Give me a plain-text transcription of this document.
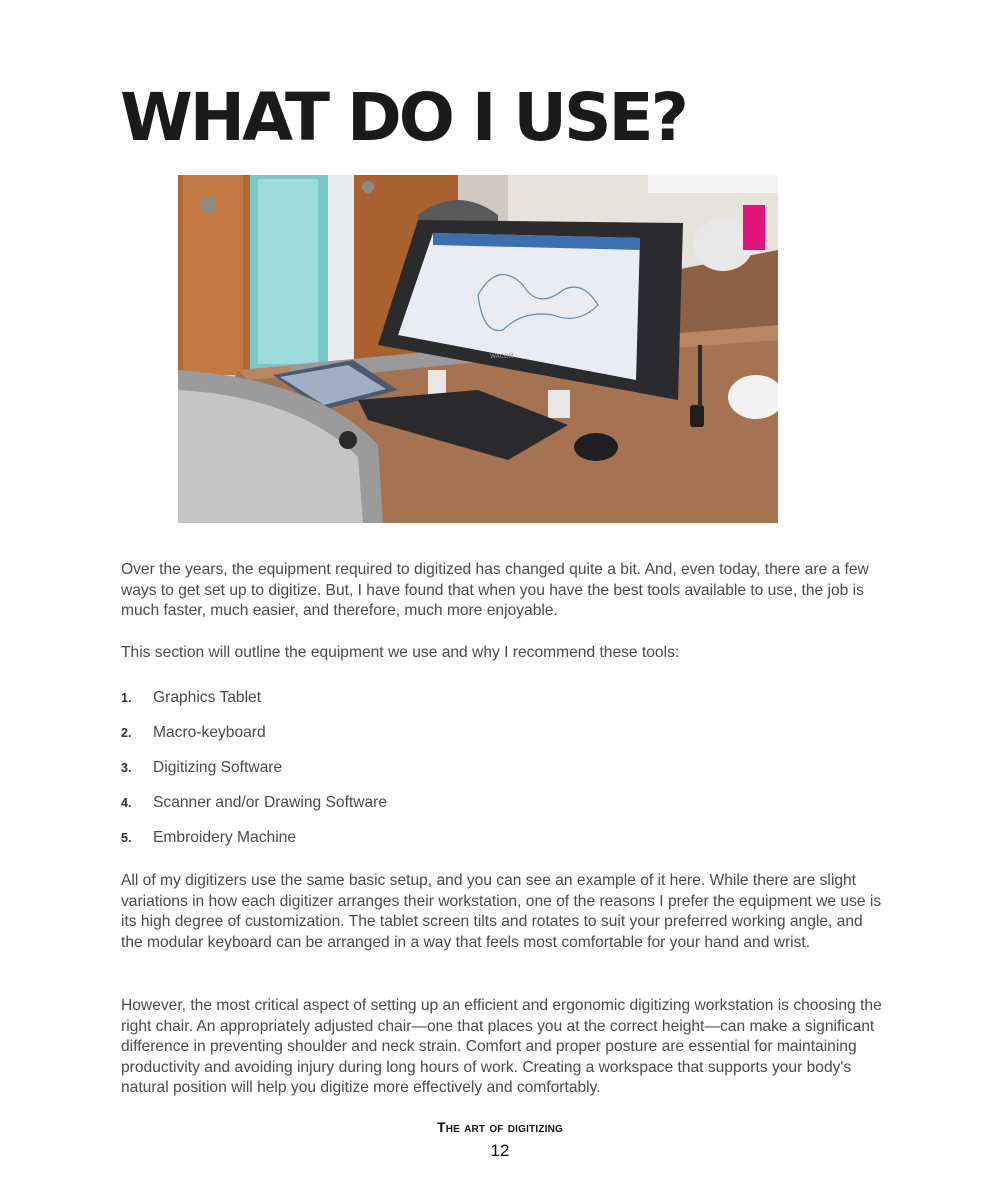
WHAT DO I USE?
WACOM

Over the years, the equipment required to digitized has changed quite a bit. And, even today, there are a few ways to get set up to digitize. But, I have found that when you have the best tools available to use, the job is much faster, much easier, and therefore, much more enjoyable.

This section will outline the equipment we use and why I recommend these tools:

1.	Graphics Tablet
2.	Macro-keyboard
3.	Digitizing Software
4.	Scanner and/or Drawing Software
5.	Embroidery Machine

All of my digitizers use the same basic setup, and you can see an example of it here. While there are slight variations in how each digitizer arranges their workstation, one of the reasons I prefer the equipment we use is its high degree of customization. The tablet screen tilts and rotates to suit your preferred working angle, and the modular keyboard can be arranged in a way that feels most comfortable for your hand and wrist.

However, the most critical aspect of setting up an efficient and ergonomic digitizing workstation is choosing the right chair. An appropriately adjusted chair—one that places you at the correct height—can make a significant difference in preventing shoulder and neck strain. Comfort and proper posture are essential for maintaining productivity and avoiding injury during long hours of work. Creating a workspace that supports your body's natural position will help you digitize more effectively and comfortably.

The art of digitizing
12
